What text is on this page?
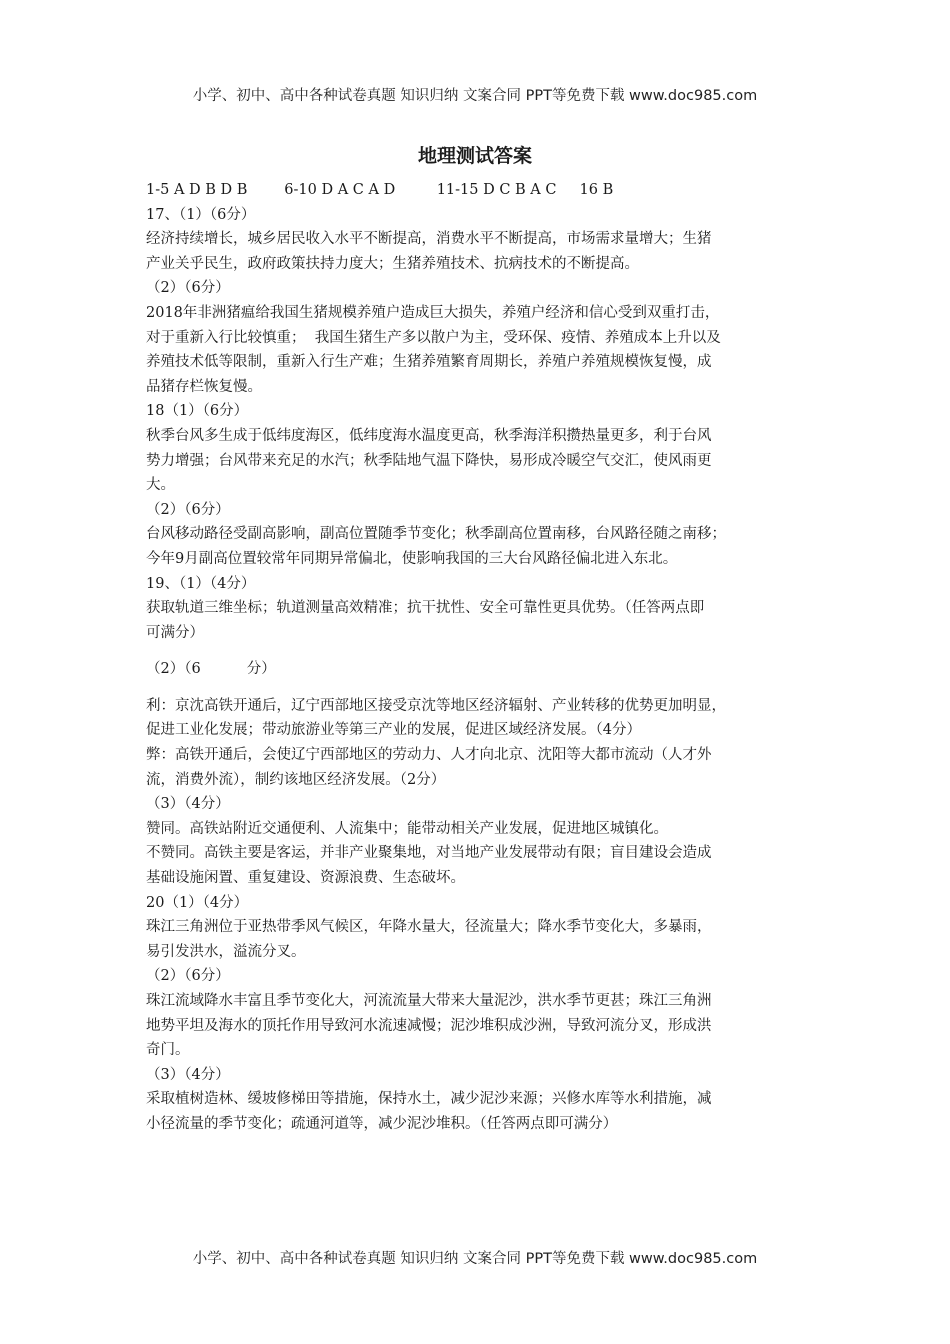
小学、初中、高中各种试卷真题 知识归纳 文案合同 PPT等免费下载 www.doc985.com
地理测试答案

1-5 A D B D B        6-10 D A C A D         11-15 D C B A C     16 B

17、（1）（6分）

经济持续增长，城乡居民收入水平不断提高，消费水平不断提高，市场需求量增大；生猪

产业关乎民生，政府政策扶持力度大；生猪养殖技术、抗病技术的不断提高。

（2）（6分）

2018年非洲猪瘟给我国生猪规模养殖户造成巨大损失，养殖户经济和信心受到双重打击，

对于重新入行比较慎重；  我国生猪生产多以散户为主，受环保、疫情、养殖成本上升以及

养殖技术低等限制，重新入行生产难；生猪养殖繁育周期长，养殖户养殖规模恢复慢，成

品猪存栏恢复慢。

18（1）（6分）

秋季台风多生成于低纬度海区，低纬度海水温度更高，秋季海洋积攒热量更多，利于台风

势力增强；台风带来充足的水汽；秋季陆地气温下降快，易形成冷暖空气交汇，使风雨更

大。

（2）（6分）

台风移动路径受副高影响，副高位置随季节变化；秋季副高位置南移，台风路径随之南移；

今年9月副高位置较常年同期异常偏北，使影响我国的三大台风路径偏北进入东北。

19、（1）（4分）

获取轨道三维坐标；轨道测量高效精准；抗干扰性、安全可靠性更具优势。（任答两点即

可满分）

（2）（6          分）

利：京沈高铁开通后，辽宁西部地区接受京沈等地区经济辐射、产业转移的优势更加明显，

促进工业化发展；带动旅游业等第三产业的发展，促进区域经济发展。（4分）

弊：高铁开通后，会使辽宁西部地区的劳动力、人才向北京、沈阳等大都市流动（人才外

流，消费外流），制约该地区经济发展。（2分）

（3）（4分）

赞同。高铁站附近交通便利、人流集中；能带动相关产业发展，促进地区城镇化。

不赞同。高铁主要是客运，并非产业聚集地，对当地产业发展带动有限；盲目建设会造成

基础设施闲置、重复建设、资源浪费、生态破坏。

20（1）（4分）

珠江三角洲位于亚热带季风气候区，年降水量大，径流量大；降水季节变化大，多暴雨，

易引发洪水，溢流分叉。

（2）（6分）

珠江流域降水丰富且季节变化大，河流流量大带来大量泥沙，洪水季节更甚；珠江三角洲

地势平坦及海水的顶托作用导致河水流速减慢；泥沙堆积成沙洲，导致河流分叉，形成洪

奇门。

（3）（4分）

采取植树造林、缓坡修梯田等措施，保持水土，减少泥沙来源；兴修水库等水利措施，减

小径流量的季节变化；疏通河道等，减少泥沙堆积。（任答两点即可满分）

小学、初中、高中各种试卷真题 知识归纳 文案合同 PPT等免费下载 www.doc985.com
